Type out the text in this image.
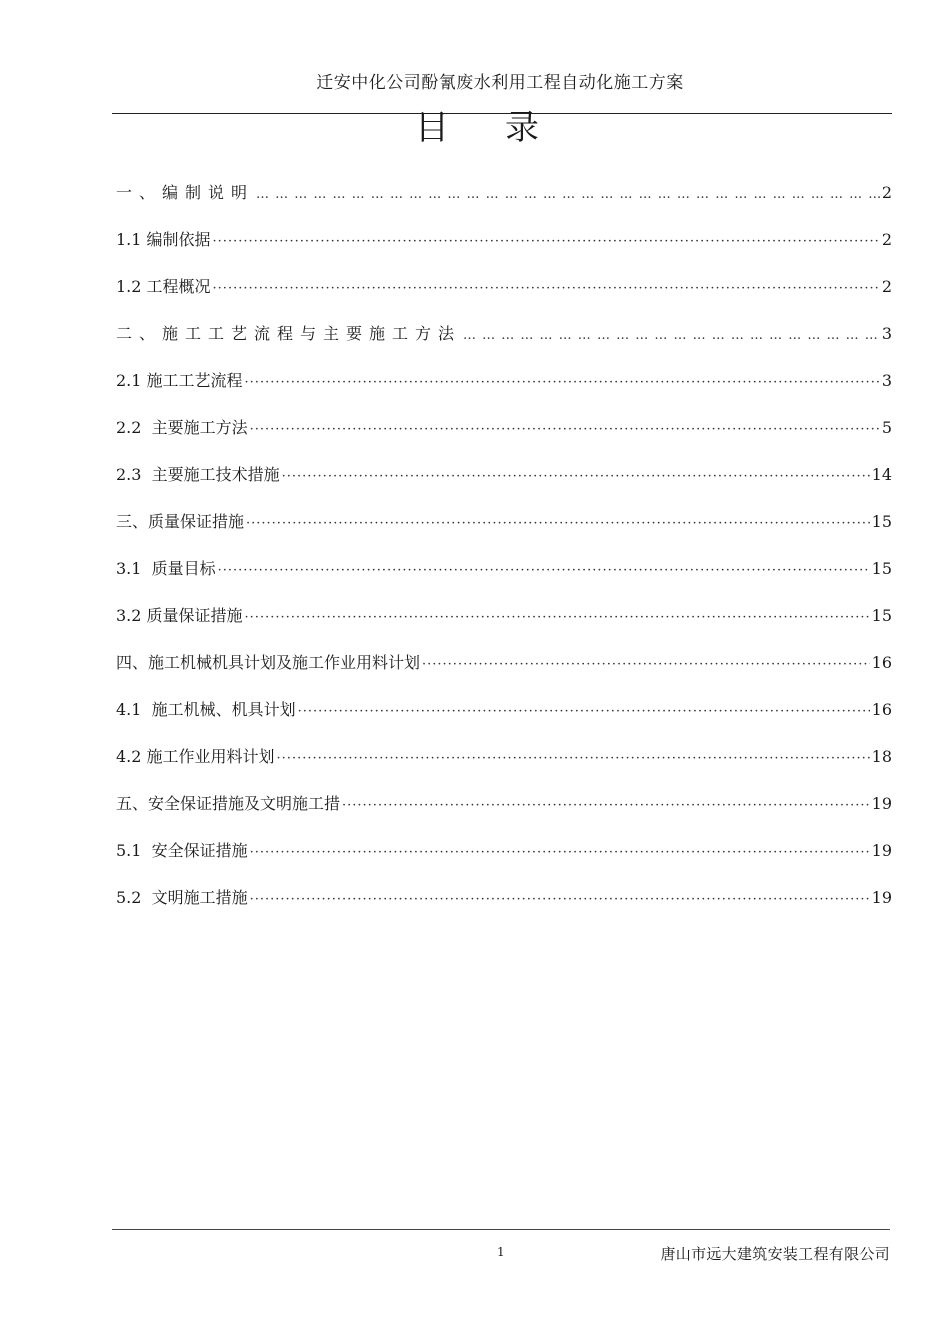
迁安中化公司酚氰废水利用工程自动化施工方案
目录
一、编制说明 … … … … … … … … … … … … … … … … … … … … … … … … … … … … … … … … … … … … … … … … … … … … … … … … … …	2
1.1 编制依据 ·····	2
1.2 工程概况 ·····	2
二、施工工艺流程与主要施工方法 … … … … … … … … … … … … … … … … … … … … … … … … … … … … … … … … … … … … … … … … … … … … … … … … … …	3
2.1 施工工艺流程 ·····	3
2.2  主要施工方法 ·····	5
2.3  主要施工技术措施 ·····	14
三、质量保证措施 ·····	15
3.1  质量目标 ·····	15
3.2 质量保证措施 ·····	15
四、施工机械机具计划及施工作业用料计划 ·····	16
4.1  施工机械、机具计划 ·····	16
4.2 施工作业用料计划 ·····	18
五、安全保证措施及文明施工措 ·····	19
5.1  安全保证措施 ·····	19
5.2  文明施工措施 ·····	19
1	唐山市远大建筑安装工程有限公司
